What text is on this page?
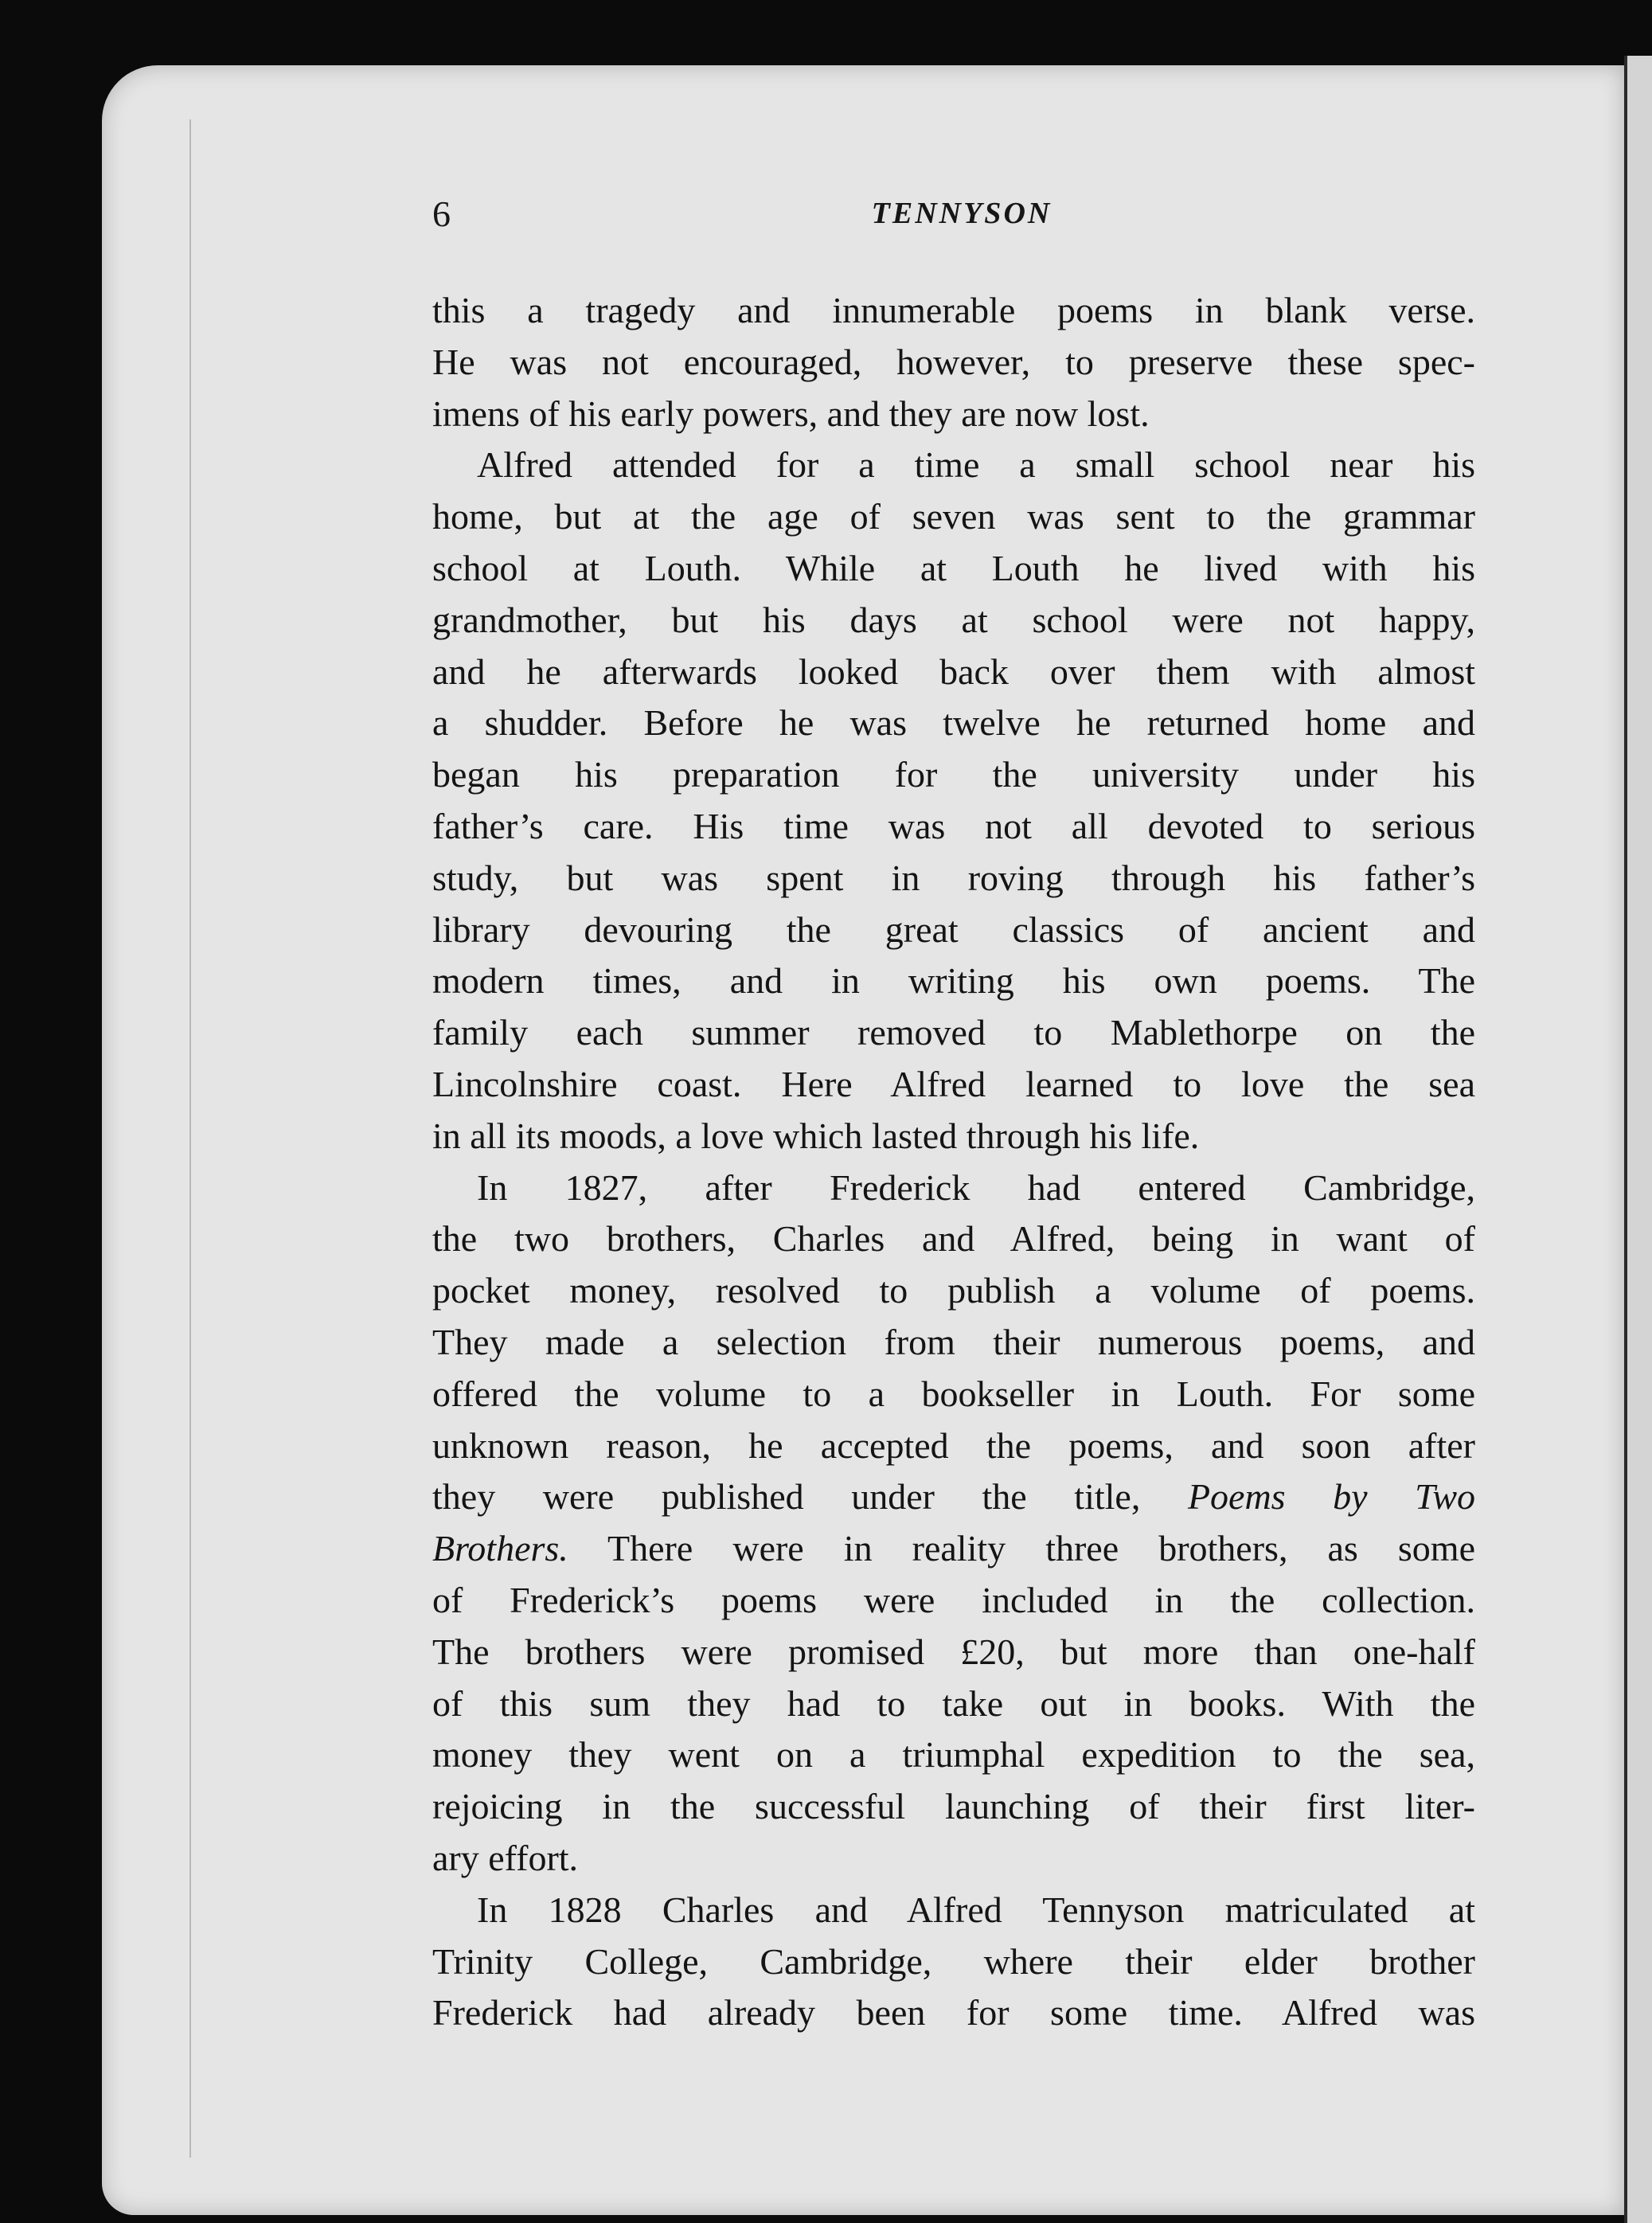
6	TENNYSON
this a tragedy and innumerable poems in blank verse.
He was not encouraged, however, to preserve these spec-
imens of his early powers, and they are now lost.
Alfred attended for a time a small school near his
home, but at the age of seven was sent to the grammar
school at Louth. While at Louth he lived with his
grandmother, but his days at school were not happy,
and he afterwards looked back over them with almost
a shudder. Before he was twelve he returned home and
began his preparation for the university under his
father’s care. His time was not all devoted to serious
study, but was spent in roving through his father’s
library devouring the great classics of ancient and
modern times, and in writing his own poems. The
family each summer removed to Mablethorpe on the
Lincolnshire coast. Here Alfred learned to love the sea
in all its moods, a love which lasted through his life.
In 1827, after Frederick had entered Cambridge,
the two brothers, Charles and Alfred, being in want of
pocket money, resolved to publish a volume of poems.
They made a selection from their numerous poems, and
offered the volume to a bookseller in Louth. For some
unknown reason, he accepted the poems, and soon after
they were published under the title, Poems by Two
Brothers. There were in reality three brothers, as some
of Frederick’s poems were included in the collection.
The brothers were promised £20, but more than one-half
of this sum they had to take out in books. With the
money they went on a triumphal expedition to the sea,
rejoicing in the successful launching of their first liter-
ary effort.
In 1828 Charles and Alfred Tennyson matriculated at
Trinity College, Cambridge, where their elder brother
Frederick had already been for some time. Alfred was
